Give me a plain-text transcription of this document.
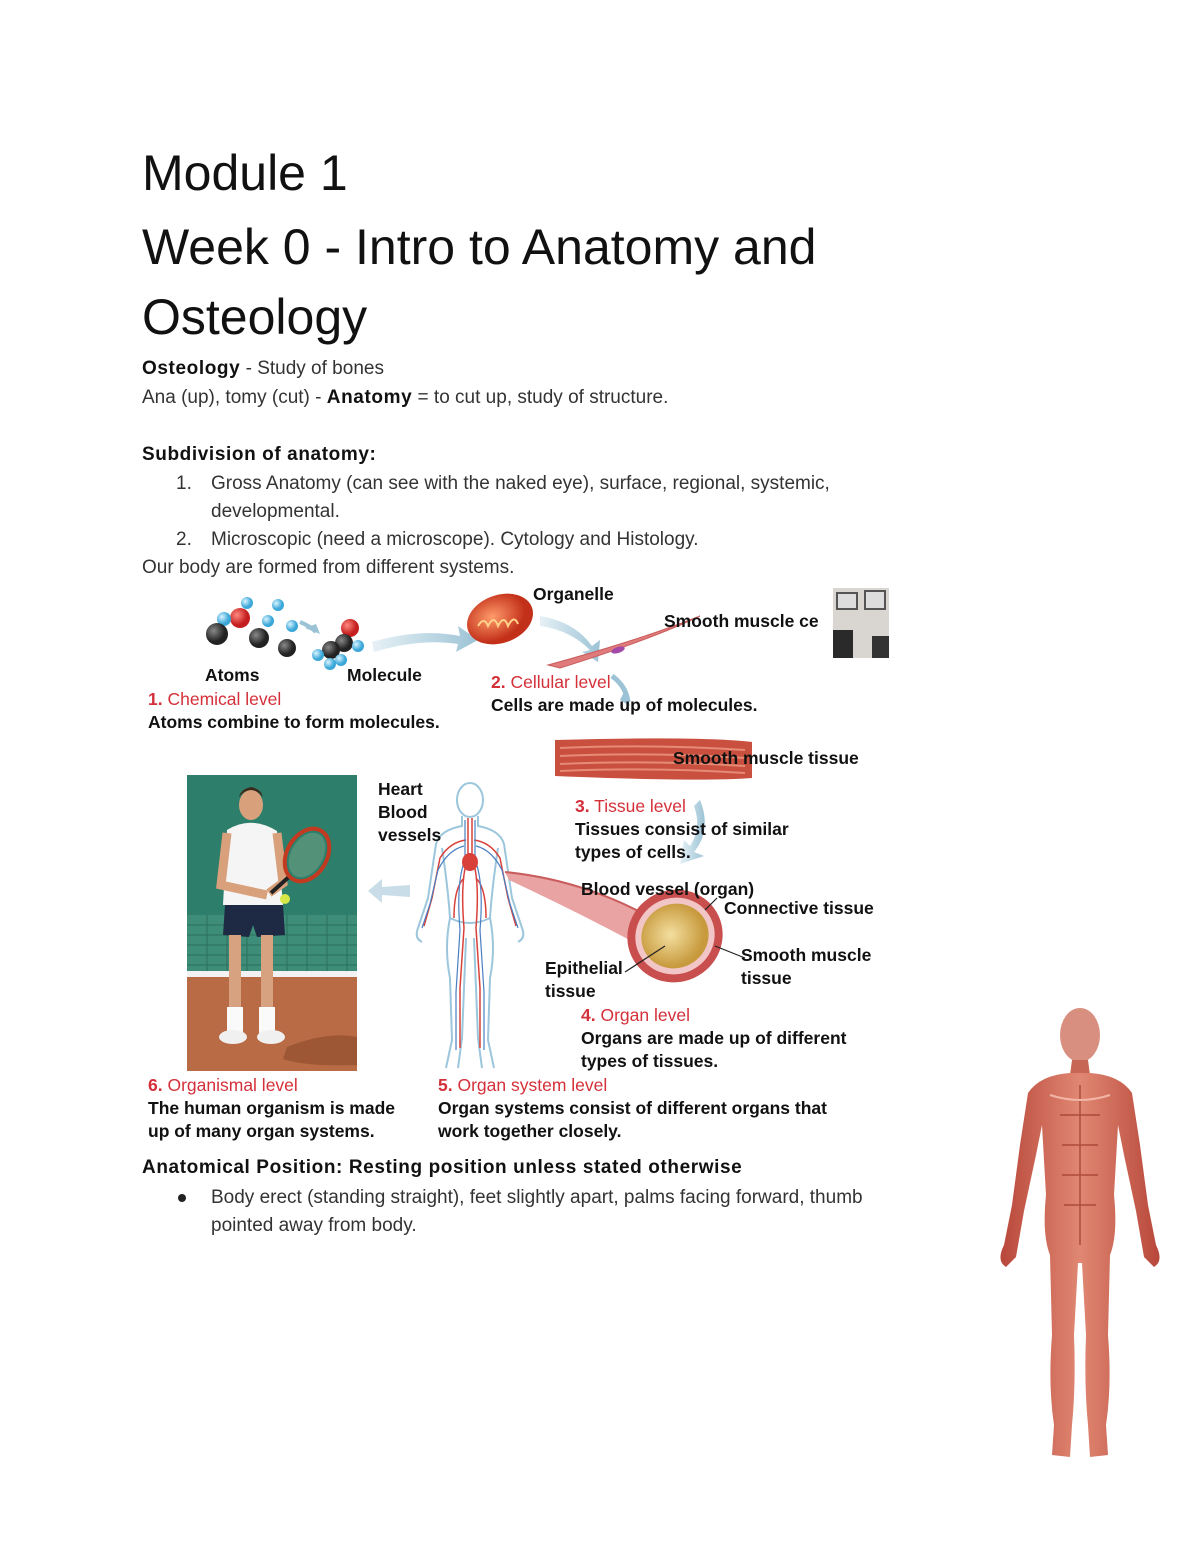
Module 1
Week 0 - Intro to Anatomy and
Osteology
Osteology - Study of bones
Ana (up), tomy (cut) - Anatomy = to cut up, study of structure.
Subdivision of anatomy:
1. Gross Anatomy (can see with the naked eye), surface, regional, systemic,
developmental.
2. Microscopic (need a microscope). Cytology and Histology.
Our body are formed from different systems.
Organelle
Smooth muscle ce
Atoms	Molecule
1. Chemical level
Atoms combine to form molecules.
2. Cellular level
Cells are made up of molecules.
Smooth muscle tissue
3. Tissue level
Tissues consist of similar
types of cells.
Heart
Blood
vessels
Blood vessel (organ)
Connective tissue
Smooth muscle
tissue
Epithelial
tissue
4. Organ level
Organs are made up of different
types of tissues.
6. Organismal level
The human organism is made
up of many organ systems.
5. Organ system level
Organ systems consist of different organs that
work together closely.
Anatomical Position: Resting position unless stated otherwise
Body erect (standing straight), feet slightly apart, palms facing forward, thumb
pointed away from body.
